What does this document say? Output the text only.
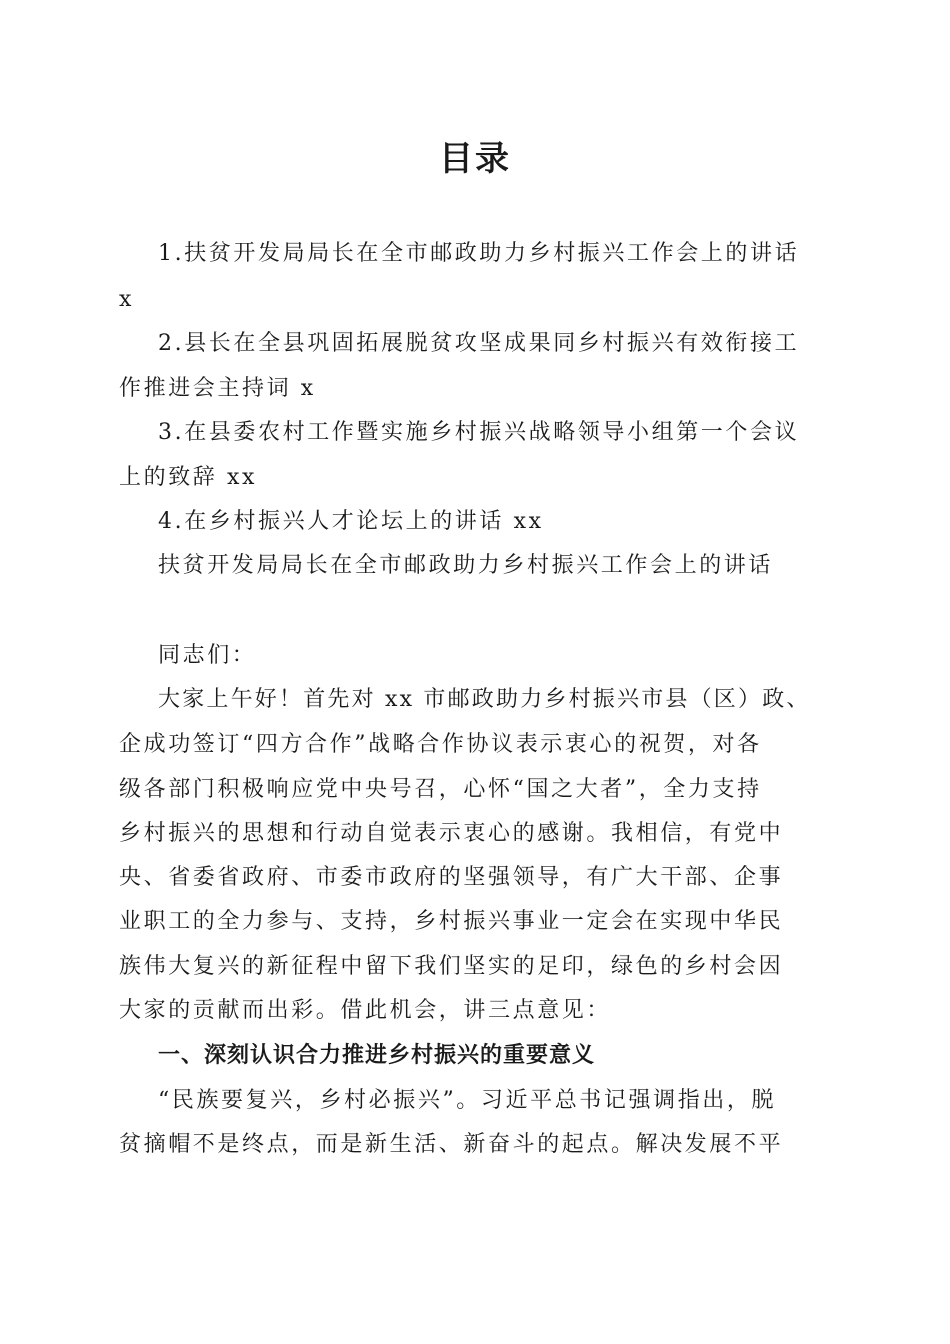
目录
1.扶贫开发局局长在全市邮政助力乡村振兴工作会上的讲话
x
2.县长在全县巩固拓展脱贫攻坚成果同乡村振兴有效衔接工
作推进会主持词 x
3.在县委农村工作暨实施乡村振兴战略领导小组第一个会议
上的致辞 xx
4.在乡村振兴人才论坛上的讲话 xx
扶贫开发局局长在全市邮政助力乡村振兴工作会上的讲话
同志们：
大家上午好！首先对 xx 市邮政助力乡村振兴市县（区）政、
企成功签订“四方合作”战略合作协议表示衷心的祝贺，对各
级各部门积极响应党中央号召，心怀“国之大者”，全力支持
乡村振兴的思想和行动自觉表示衷心的感谢。我相信，有党中
央、省委省政府、市委市政府的坚强领导，有广大干部、企事
业职工的全力参与、支持，乡村振兴事业一定会在实现中华民
族伟大复兴的新征程中留下我们坚实的足印，绿色的乡村会因
大家的贡献而出彩。借此机会，讲三点意见：
一、深刻认识合力推进乡村振兴的重要意义
“民族要复兴，乡村必振兴”。习近平总书记强调指出，脱
贫摘帽不是终点，而是新生活、新奋斗的起点。解决发展不平
